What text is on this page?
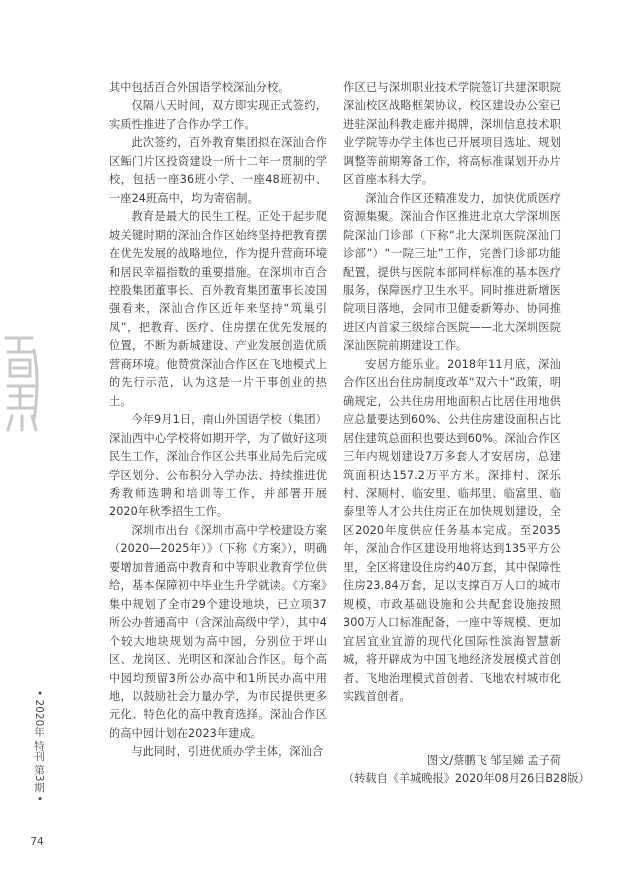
其中包括百合外国语学校深汕分校。

仅隔八天时间，双方即实现正式签约，实质性推进了合作办学工作。

此次签约，百外教育集团拟在深汕合作区鲘门片区投资建设一所十二年一贯制的学校，包括一座36班小学、一座48班初中、一座24班高中，均为寄宿制。

教育是最大的民生工程。正处于起步爬坡关键时期的深汕合作区始终坚持把教育摆在优先发展的战略地位，作为提升营商环境和居民幸福指数的重要措施。在深圳市百合控股集团董事长、百外教育集团董事长凌国强看来，深汕合作区近年来坚持“筑巢引凤”，把教育、医疗、住房摆在优先发展的位置，不断为新城建设、产业发展创造优质营商环境。他赞赏深汕合作区在飞地模式上的先行示范，认为这是一片干事创业的热土。

今年9月1日，南山外国语学校（集团）深汕西中心学校将如期开学，为了做好这项民生工作，深汕合作区公共事业局先后完成学区划分、公布积分入学办法、持续推进优秀教师选聘和培训等工作，并部署开展2020年秋季招生工作。

深圳市出台《深圳市高中学校建设方案（2020—2025年）》（下称《方案》），明确要增加普通高中教育和中等职业教育学位供给，基本保障初中毕业生升学就读。《方案》集中规划了全市29个建设地块，已立项37所公办普通高中（含深汕高级中学），其中4个较大地块规划为高中园，分别位于坪山区、龙岗区、光明区和深汕合作区。每个高中园均预留3所公办高中和1所民办高中用地，以鼓励社会力量办学，为市民提供更多元化、特色化的高中教育选择。深汕合作区的高中园计划在2023年建成。

与此同时，引进优质办学主体，深汕合

作区已与深圳职业技术学院签订共建深职院深汕校区战略框架协议，校区建设办公室已进驻深汕科教走廊并揭牌，深圳信息技术职业学院等办学主体也已开展项目选址、规划调整等前期筹备工作，将高标准谋划开办片区首座本科大学。

深汕合作区还精准发力，加快优质医疗资源集聚。深汕合作区推进北京大学深圳医院深汕门诊部（下称“北大深圳医院深汕门诊部”）“一院三址”工作，完善门诊部功能配置，提供与医院本部同样标准的基本医疗服务，保障医疗卫生水平。同时推进新增医院项目落地，会同市卫健委新筹办、协同推进区内首家三级综合医院——北大深圳医院深汕医院前期建设工作。

安居方能乐业。2018年11月底，深汕合作区出台住房制度改革“双六十”政策，明确规定，公共住房用地面积占比居住用地供应总量要达到60%、公共住房建设面积占比居住建筑总面积也要达到60%。深汕合作区三年内规划建设7万多套人才安居房，总建筑面积达157.2万平方米。深排村、深乐村、深厕村、临安里、临邦里、临富里、临泰里等人才公共住房正在加快规划建设，全区2020年度供应任务基本完成。至2035年，深汕合作区建设用地将达到135平方公里，全区将建设住房约40万套，其中保障性住房23.84万套，足以支撑百万人口的城市规模，市政基础设施和公共配套设施按照300万人口标准配备，一座中等规模、更加宜居宜业宜游的现代化国际性滨海智慧新城，将开辟成为中国飞地经济发展模式首创者、飞地治理模式首创者、飞地农村城市化实践首创者。

图文/蔡鹏飞 邹呈娣 孟子荷
（转载自《羊城晚报》2020年08月26日B28版）
• 2020年 特刊 第3期 •
74
